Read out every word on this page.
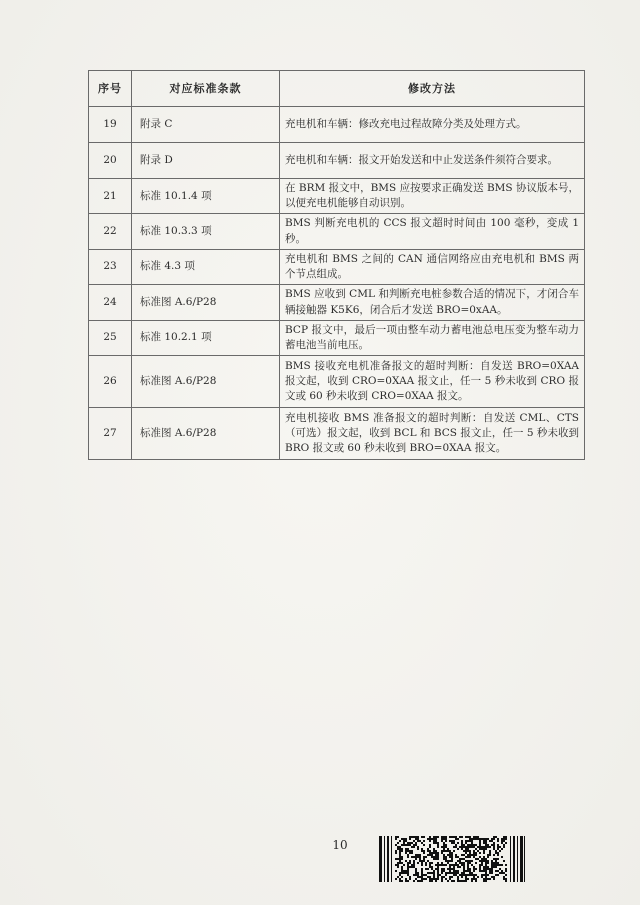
序号	对应标准条款	修改方法
19	附录 C	充电机和车辆：修改充电过程故障分类及处理方式。
20	附录 D	充电机和车辆：报文开始发送和中止发送条件须符合要求。
21	标准 10.1.4 项	在 BRM 报文中，BMS 应按要求正确发送 BMS 协议版本号，以便充电机能够自动识别。
22	标准 10.3.3 项	BMS 判断充电机的 CCS 报文超时时间由 100 毫秒，变成 1 秒。
23	标准 4.3 项	充电机和 BMS 之间的 CAN 通信网络应由充电机和 BMS 两个节点组成。
24	标准图 A.6/P28	BMS 应收到 CML 和判断充电桩参数合适的情况下，才闭合车辆接触器 K5K6，闭合后才发送 BRO=0xAA。
25	标准 10.2.1 项	BCP 报文中，最后一项由整车动力蓄电池总电压变为整车动力蓄电池当前电压。
26	标准图 A.6/P28	BMS 接收充电机准备报文的超时判断：自发送 BRO=0XAA 报文起，收到 CRO=0XAA 报文止，任一 5 秒未收到 CRO 报文或 60 秒未收到 CRO=0XAA 报文。
27	标准图 A.6/P28	充电机接收 BMS 准备报文的超时判断：自发送 CML、CTS（可选）报文起，收到 BCL 和 BCS 报文止，任一 5 秒未收到 BRO 报文或 60 秒未收到 BRO=0XAA 报文。
10
